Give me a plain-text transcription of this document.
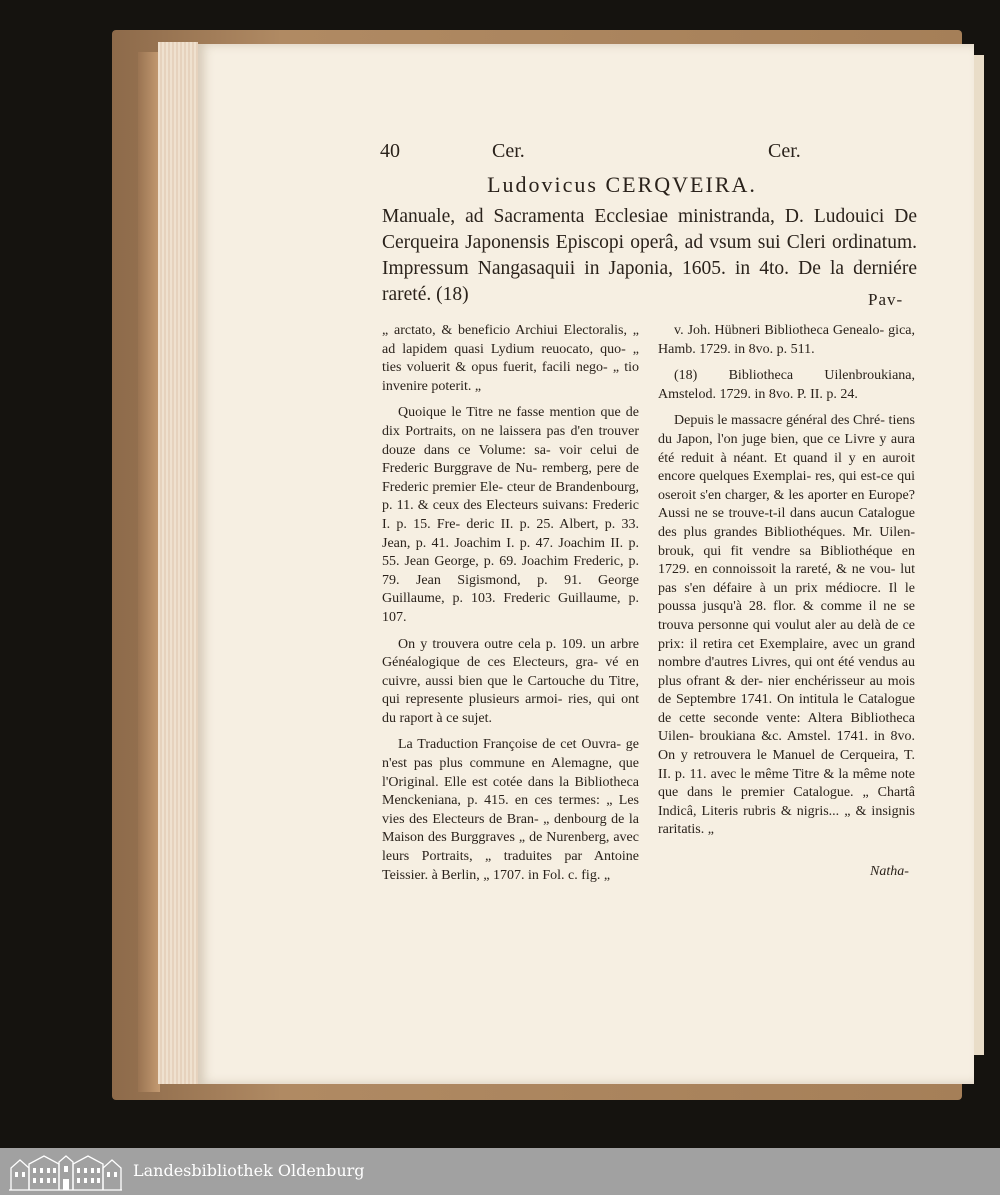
40	Cer.	Cer.
Ludovicus CERQVEIRA.
Manuale, ad Sacramenta Ecclesiae ministranda, D. Ludouici De Cerqueira Japonensis Episcopi operâ, ad vsum sui Cleri ordinatum. Impressum Nangasaquii in Japonia, 1605. in 4to. De la derniére rareté. (18)	Pav-

„ arctato, & beneficio Archiui Electoralis, „ ad lapidem quasi Lydium reuocato, quo- „ ties voluerit & opus fuerit, facili nego- „ tio invenire poterit. „

Quoique le Titre ne fasse mention que de dix Portraits, on ne laissera pas d'en trouver douze dans ce Volume: sa- voir celui de Frederic Burggrave de Nu- remberg, pere de Frederic premier Ele- cteur de Brandenbourg, p. 11. & ceux des Electeurs suivans: Frederic I. p. 15. Fre- deric II. p. 25. Albert, p. 33. Jean, p. 41. Joachim I. p. 47. Joachim II. p. 55. Jean George, p. 69. Joachim Frederic, p. 79. Jean Sigismond, p. 91. George Guillaume, p. 103. Frederic Guillaume, p. 107.

On y trouvera outre cela p. 109. un arbre Généalogique de ces Electeurs, gra- vé en cuivre, aussi bien que le Cartouche du Titre, qui represente plusieurs armoi- ries, qui ont du raport à ce sujet.

La Traduction Françoise de cet Ouvra- ge n'est pas plus commune en Alemagne, que l'Original. Elle est cotée dans la Bibliotheca Menckeniana, p. 415. en ces termes: „ Les vies des Electeurs de Bran- „ denbourg de la Maison des Burggraves „ de Nurenberg, avec leurs Portraits, „ traduites par Antoine Teissier. à Berlin, „ 1707. in Fol. c. fig. „

v. Joh. Hübneri Bibliotheca Genealo- gica, Hamb. 1729. in 8vo. p. 511.

(18) Bibliotheca Uilenbroukiana, Amstelod. 1729. in 8vo. P. II. p. 24.

Depuis le massacre général des Chré- tiens du Japon, l'on juge bien, que ce Livre y aura été reduit à néant. Et quand il y en auroit encore quelques Exemplai- res, qui est-ce qui oseroit s'en charger, & les aporter en Europe? Aussi ne se trouve-t-il dans aucun Catalogue des plus grandes Bibliothéques. Mr. Uilen- brouk, qui fit vendre sa Bibliothéque en 1729. en connoissoit la rareté, & ne vou- lut pas s'en défaire à un prix médiocre. Il le poussa jusqu'à 28. flor. & comme il ne se trouva personne qui voulut aler au delà de ce prix: il retira cet Exemplaire, avec un grand nombre d'autres Livres, qui ont été vendus au plus ofrant & der- nier enchérisseur au mois de Septembre 1741. On intitula le Catalogue de cette seconde vente: Altera Bibliotheca Uilen- broukiana &c. Amstel. 1741. in 8vo. On y retrouvera le Manuel de Cerqueira, T. II. p. 11. avec le même Titre & la même note que dans le premier Catalogue. „ Chartâ Indicâ, Literis rubris & nigris... „ & insignis raritatis. „

Natha-
Landesbibliothek Oldenburg
